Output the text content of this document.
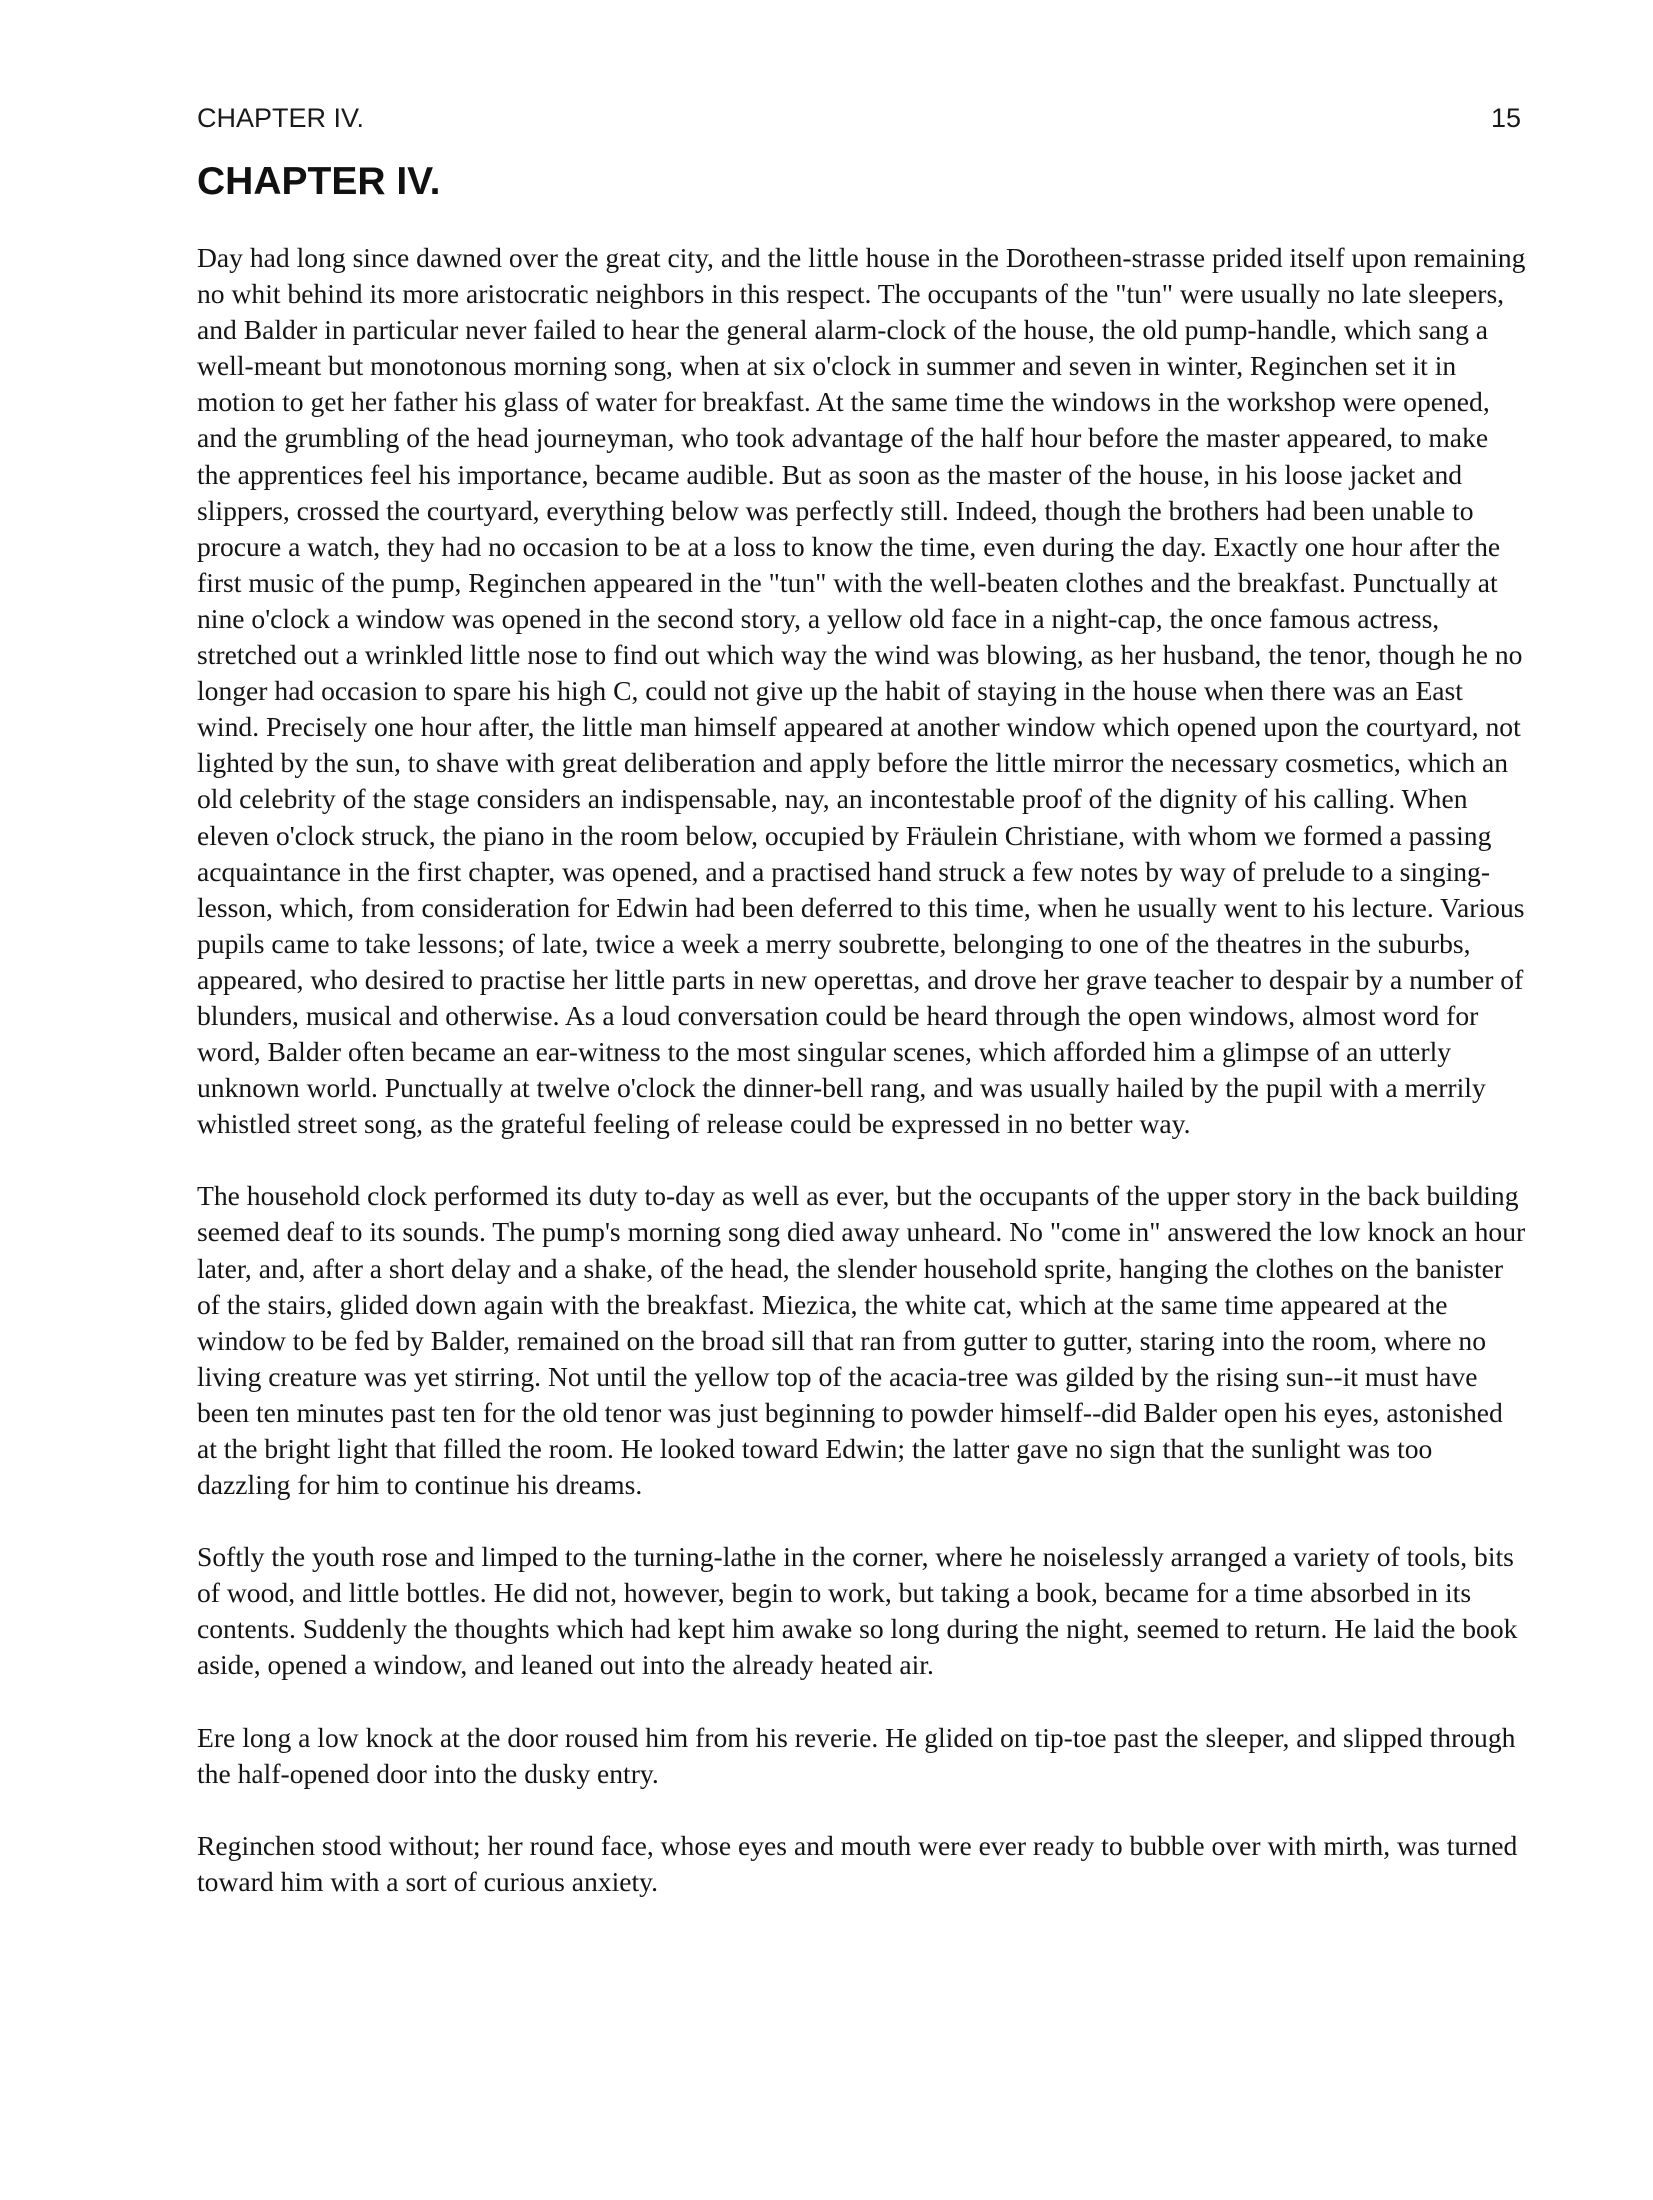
CHAPTER IV.	15
CHAPTER IV.

Day had long since dawned over the great city, and the little house in the Dorotheen-strasse prided itself upon remaining no whit behind its more aristocratic neighbors in this respect. The occupants of the "tun" were usually no late sleepers, and Balder in particular never failed to hear the general alarm-clock of the house, the old pump-handle, which sang a well-meant but monotonous morning song, when at six o'clock in summer and seven in winter, Reginchen set it in motion to get her father his glass of water for breakfast. At the same time the windows in the workshop were opened, and the grumbling of the head journeyman, who took advantage of the half hour before the master appeared, to make the apprentices feel his importance, became audible. But as soon as the master of the house, in his loose jacket and slippers, crossed the courtyard, everything below was perfectly still. Indeed, though the brothers had been unable to procure a watch, they had no occasion to be at a loss to know the time, even during the day. Exactly one hour after the first music of the pump, Reginchen appeared in the "tun" with the well-beaten clothes and the breakfast. Punctually at nine o'clock a window was opened in the second story, a yellow old face in a night-cap, the once famous actress, stretched out a wrinkled little nose to find out which way the wind was blowing, as her husband, the tenor, though he no longer had occasion to spare his high C, could not give up the habit of staying in the house when there was an East wind. Precisely one hour after, the little man himself appeared at another window which opened upon the courtyard, not lighted by the sun, to shave with great deliberation and apply before the little mirror the necessary cosmetics, which an old celebrity of the stage considers an indispensable, nay, an incontestable proof of the dignity of his calling. When eleven o'clock struck, the piano in the room below, occupied by Fräulein Christiane, with whom we formed a passing acquaintance in the first chapter, was opened, and a practised hand struck a few notes by way of prelude to a singing-lesson, which, from consideration for Edwin had been deferred to this time, when he usually went to his lecture. Various pupils came to take lessons; of late, twice a week a merry soubrette, belonging to one of the theatres in the suburbs, appeared, who desired to practise her little parts in new operettas, and drove her grave teacher to despair by a number of blunders, musical and otherwise. As a loud conversation could be heard through the open windows, almost word for word, Balder often became an ear-witness to the most singular scenes, which afforded him a glimpse of an utterly unknown world. Punctually at twelve o'clock the dinner-bell rang, and was usually hailed by the pupil with a merrily whistled street song, as the grateful feeling of release could be expressed in no better way.

The household clock performed its duty to-day as well as ever, but the occupants of the upper story in the back building seemed deaf to its sounds. The pump's morning song died away unheard. No "come in" answered the low knock an hour later, and, after a short delay and a shake, of the head, the slender household sprite, hanging the clothes on the banister of the stairs, glided down again with the breakfast. Miezica, the white cat, which at the same time appeared at the window to be fed by Balder, remained on the broad sill that ran from gutter to gutter, staring into the room, where no living creature was yet stirring. Not until the yellow top of the acacia-tree was gilded by the rising sun--it must have been ten minutes past ten for the old tenor was just beginning to powder himself--did Balder open his eyes, astonished at the bright light that filled the room. He looked toward Edwin; the latter gave no sign that the sunlight was too dazzling for him to continue his dreams.

Softly the youth rose and limped to the turning-lathe in the corner, where he noiselessly arranged a variety of tools, bits of wood, and little bottles. He did not, however, begin to work, but taking a book, became for a time absorbed in its contents. Suddenly the thoughts which had kept him awake so long during the night, seemed to return. He laid the book aside, opened a window, and leaned out into the already heated air.

Ere long a low knock at the door roused him from his reverie. He glided on tip-toe past the sleeper, and slipped through the half-opened door into the dusky entry.

Reginchen stood without; her round face, whose eyes and mouth were ever ready to bubble over with mirth, was turned toward him with a sort of curious anxiety.
